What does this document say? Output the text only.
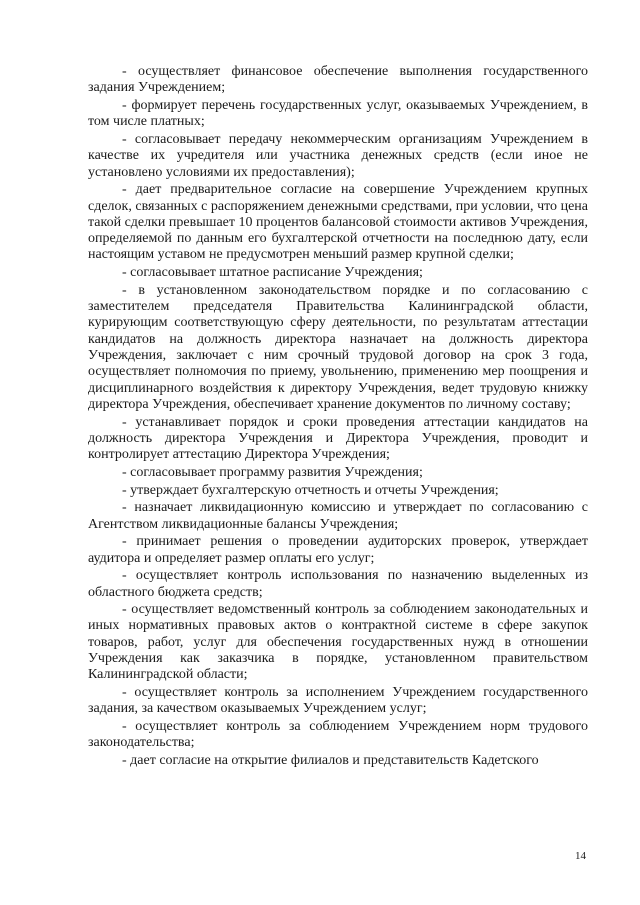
- осуществляет финансовое обеспечение выполнения государственного задания Учреждением;

- формирует перечень государственных услуг, оказываемых Учреждением, в том числе платных;

- согласовывает передачу некоммерческим организациям Учреждением в качестве их учредителя или участника денежных средств (если иное не установлено условиями их предоставления);

- дает предварительное согласие на совершение Учреждением крупных сделок, связанных с распоряжением денежными средствами, при условии, что цена такой сделки превышает 10 процентов балансовой стоимости активов Учреждения, определяемой по данным его бухгалтерской отчетности на последнюю дату, если настоящим уставом не предусмотрен меньший размер крупной сделки;

- согласовывает штатное расписание Учреждения;

- в установленном законодательством порядке и по согласованию с заместителем председателя Правительства Калининградской области, курирующим соответствующую сферу деятельности, по результатам аттестации кандидатов на должность директора назначает на должность директора Учреждения, заключает с ним срочный трудовой договор на срок 3 года, осуществляет полномочия по приему, увольнению, применению мер поощрения и дисциплинарного воздействия к директору Учреждения, ведет трудовую книжку директора Учреждения, обеспечивает хранение документов по личному составу;

- устанавливает порядок и сроки проведения аттестации кандидатов на должность директора Учреждения и Директора Учреждения, проводит и контролирует аттестацию Директора Учреждения;

- согласовывает программу развития Учреждения;

- утверждает бухгалтерскую отчетность и отчеты Учреждения;

- назначает ликвидационную комиссию и утверждает по согласованию с Агентством ликвидационные балансы Учреждения;

- принимает решения о проведении аудиторских проверок, утверждает аудитора и определяет размер оплаты его услуг;

- осуществляет контроль использования по назначению выделенных из областного бюджета средств;

- осуществляет ведомственный контроль за соблюдением законодательных и иных нормативных правовых актов о контрактной системе в сфере закупок товаров, работ, услуг для обеспечения государственных нужд в отношении Учреждения как заказчика в порядке, установленном правительством Калининградской области;

- осуществляет контроль за исполнением Учреждением государственного задания, за качеством оказываемых Учреждением услуг;

- осуществляет контроль за соблюдением Учреждением норм трудового законодательства;

- дает согласие на открытие филиалов и представительств Кадетского

14
